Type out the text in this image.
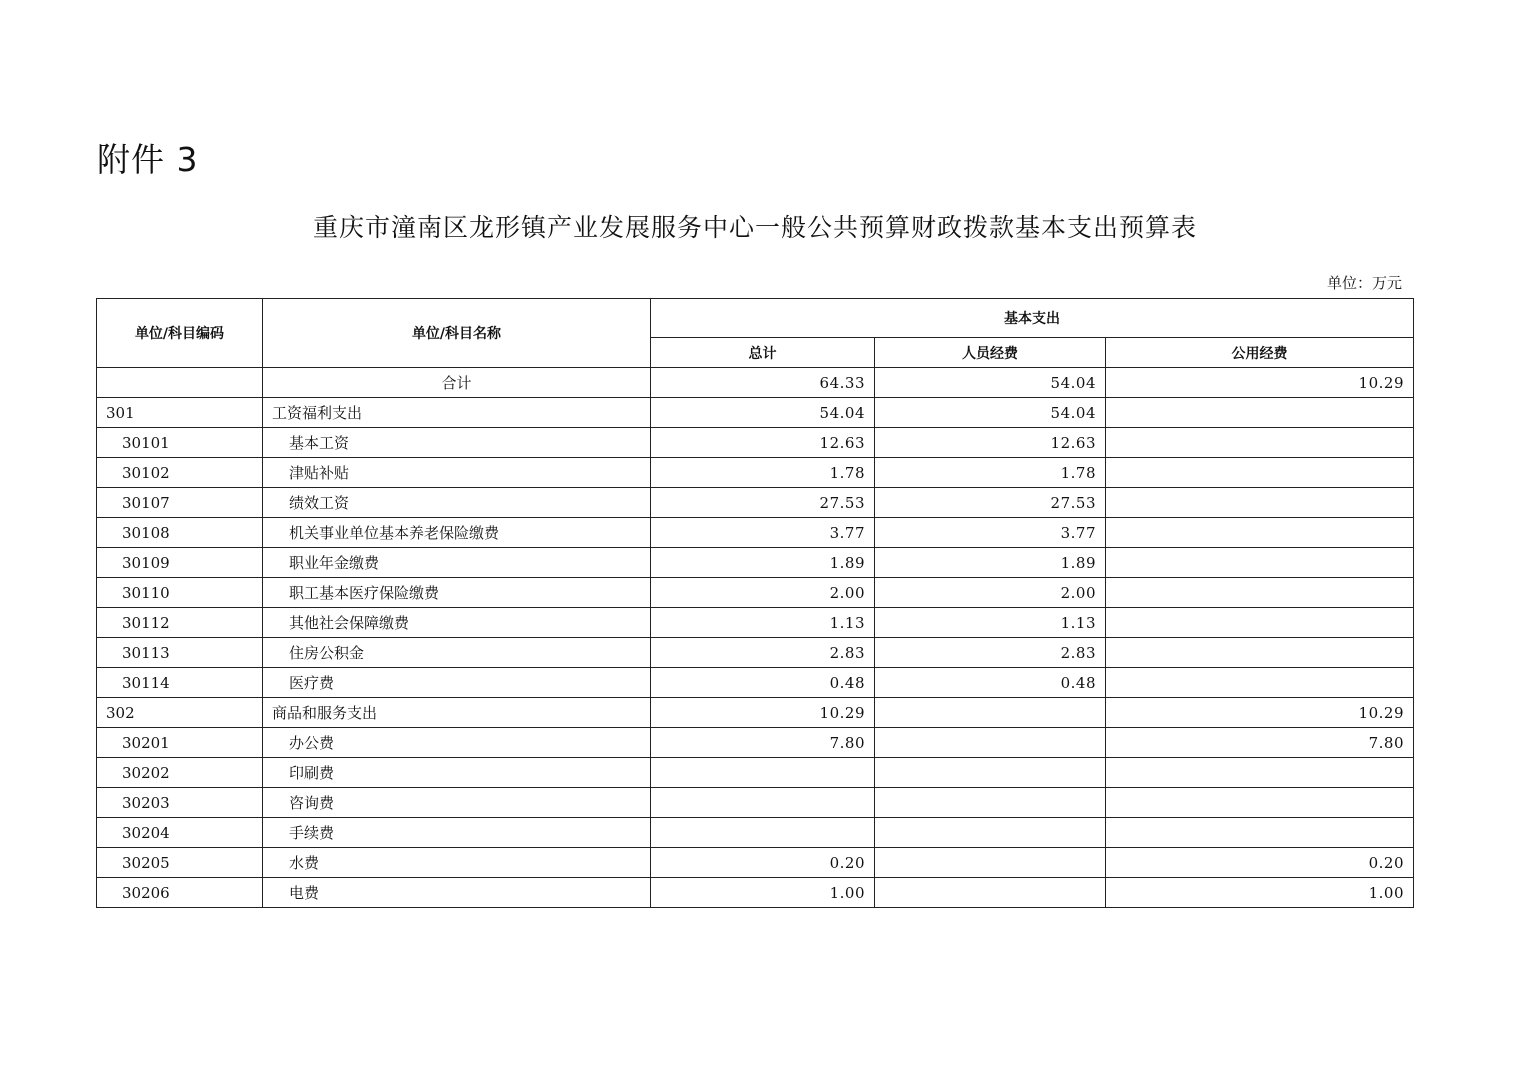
附件 3
重庆市潼南区龙形镇产业发展服务中心一般公共预算财政拨款基本支出预算表
单位：万元
单位/科目编码	单位/科目名称	基本支出		
		总计	人员经费	公用经费
	合计	64.33	54.04	10.29
301	工资福利支出	54.04	54.04	
30101	基本工资	12.63	12.63	
30102	津贴补贴	1.78	1.78	
30107	绩效工资	27.53	27.53	
30108	机关事业单位基本养老保险缴费	3.77	3.77	
30109	职业年金缴费	1.89	1.89	
30110	职工基本医疗保险缴费	2.00	2.00	
30112	其他社会保障缴费	1.13	1.13	
30113	住房公积金	2.83	2.83	
30114	医疗费	0.48	0.48	
302	商品和服务支出	10.29		10.29
30201	办公费	7.80		7.80
30202	印刷费			
30203	咨询费			
30204	手续费			
30205	水费	0.20		0.20
30206	电费	1.00		1.00
